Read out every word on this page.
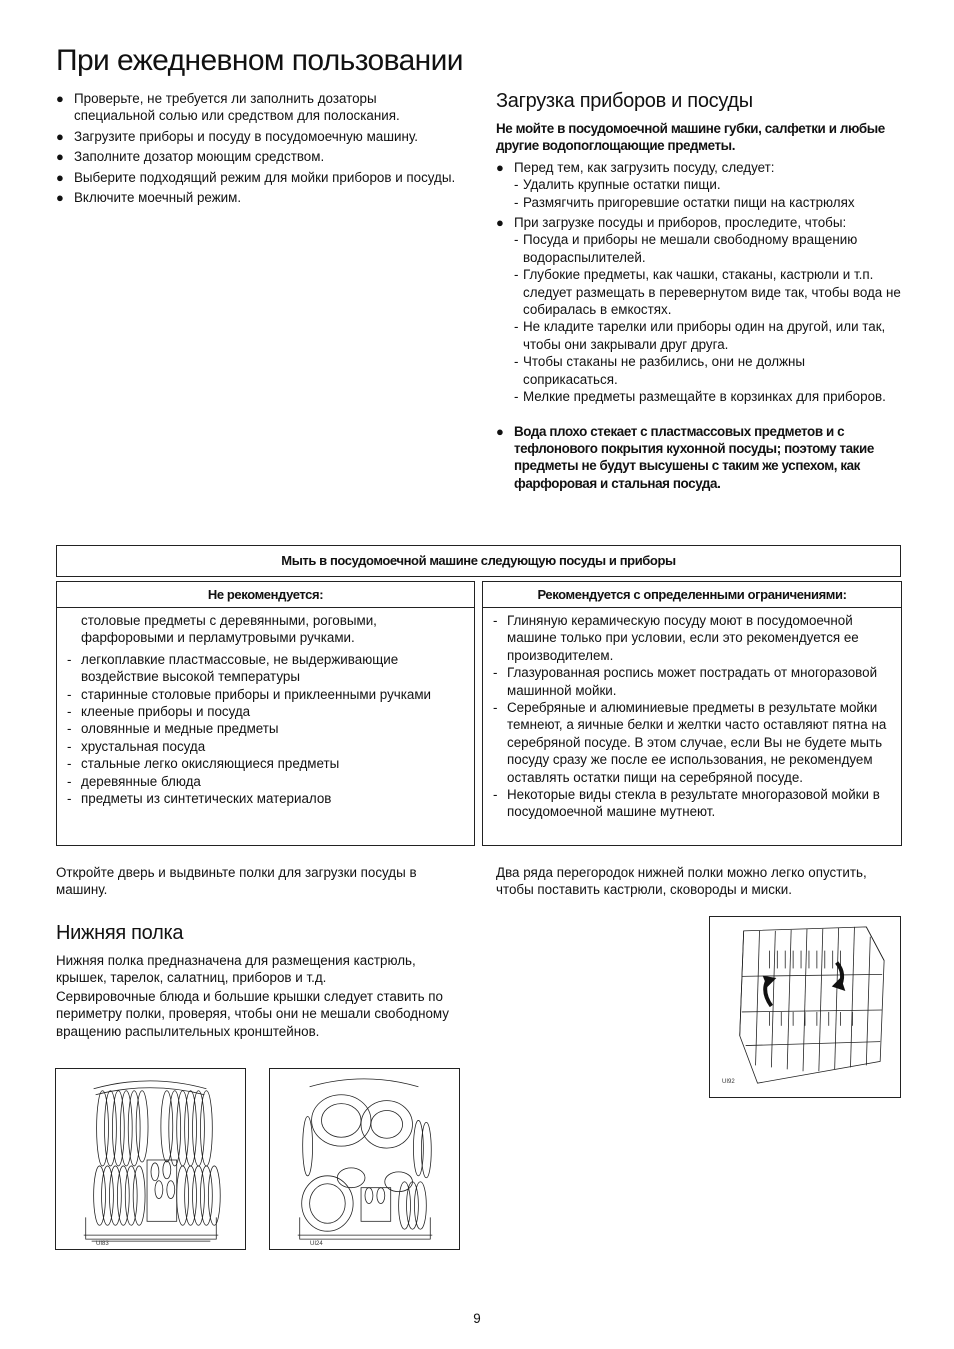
При ежедневном пользовании
● Проверьте, не требуется ли заполнить дозаторы специальной солью или средством для полоскания.
● Загрузите приборы и посуду в посудомоечную машину.
● Заполните дозатор моющим средством.
● Выберите подходящий режим для мойки приборов и посуды.
● Включите моечный режим.
Загрузка приборов и посуды

Не мойте в посудомоечной машине губки, салфетки и любые другие водопоглощающие предметы.

● Перед тем, как загрузить посуду, следует:
- Удалить крупные остатки пищи.
- Размягчить пригоревшие остатки пищи на кастрюлях
● При загрузке посуды и приборов, проследите, чтобы:
- Посуда и приборы не мешали свободному вращению водораспылителей.
- Глубокие предметы, как чашки, стаканы, кастрюли и т.п. следует размещать в перевернутом виде так, чтобы вода не собиралась в емкостях.
- Не кладите тарелки или приборы один на другой, или так, чтобы они закрывали друг друга.
- Чтобы стаканы не разбились, они не должны соприкасаться.
- Мелкие предметы размещайте в корзинках для приборов.
● Вода плохо стекает с пластмассовых предметов и с тефлонового покрытия кухонной посуды; поэтому такие предметы не будут высушены с таким же успехом, как фарфоровая и стальная посуда.
Мыть в посудомоечной машине следующую посуды и приборы
Не рекомендуется:

столовые предметы с деревянными, роговыми, фарфоровыми и перламутровыми ручками.

- легкоплавкие пластмассовые, не выдерживающие воздействие высокой температуры
- старинные столовые приборы и приклеенными ручками
- клееные приборы и посуда
- оловянные и медные предметы
- хрустальная посуда
- стальные легко окисляющиеся предметы
- деревянные блюда
- предметы из синтетических материалов
Рекомендуется с определенными ограничениями:
- Глиняную керамическую посуду моют в посудомоечной машине только при условии, если это рекомендуется ее производителем.
- Глазурованная роспись может пострадать от многоразовой машинной мойки.
- Серебряные и алюминиевые предметы в результате мойки темнеют, а яичные белки и желтки часто оставляют пятна на серебряной посуде. В этом случае, если Вы не будете мыть посуду сразу же после ее использования, не рекомендуем оставлять остатки пищи на серебряной посуде.
- Некоторые виды стекла в результате многоразовой мойки в посудомоечной машине мутнеют.

Откройте дверь и выдвиньте полки для загрузки посуды в машину.

Два ряда перегородок нижней полки можно легко опустить, чтобы поставить кастрюли, сковороды и миски.

Нижняя полка

Нижняя полка предназначена для размещения кастрюль, крышек, тарелок, салатниц, приборов и т.д.

Сервировочные блюда и большие крышки следует ставить по периметру полки, проверяя, чтобы они не мешали свободному вращению распылительных кронштейнов.

UI83	UI24
UI92
9
